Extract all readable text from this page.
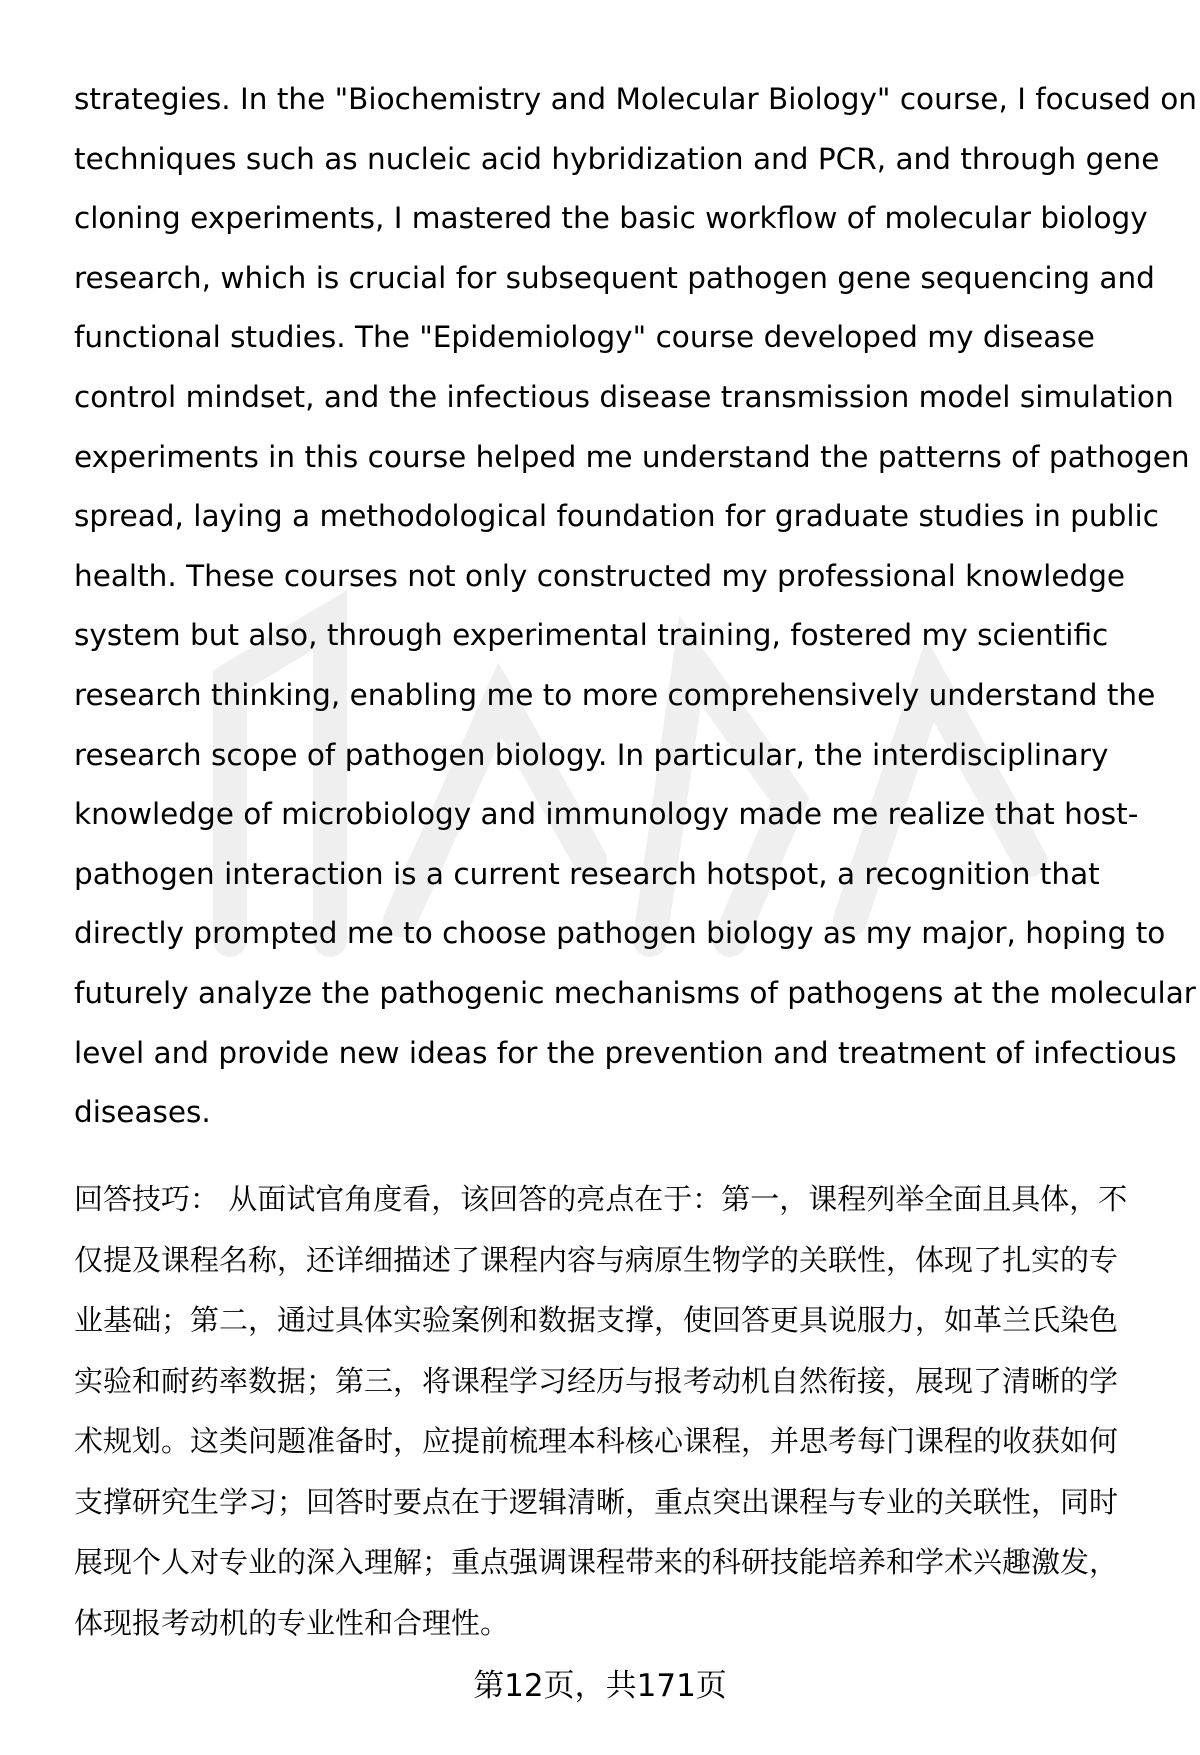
strategies. In the "Biochemistry and Molecular Biology" course, I focused on
techniques such as nucleic acid hybridization and PCR, and through gene
cloning experiments, I mastered the basic workflow of molecular biology
research, which is crucial for subsequent pathogen gene sequencing and
functional studies. The "Epidemiology" course developed my disease
control mindset, and the infectious disease transmission model simulation
experiments in this course helped me understand the patterns of pathogen
spread, laying a methodological foundation for graduate studies in public
health. These courses not only constructed my professional knowledge
system but also, through experimental training, fostered my scientific
research thinking, enabling me to more comprehensively understand the
research scope of pathogen biology. In particular, the interdisciplinary
knowledge of microbiology and immunology made me realize that host-
pathogen interaction is a current research hotspot, a recognition that
directly prompted me to choose pathogen biology as my major, hoping to
futurely analyze the pathogenic mechanisms of pathogens at the molecular
level and provide new ideas for the prevention and treatment of infectious
diseases.
回答技巧： 从面试官角度看，该回答的亮点在于：第一，课程列举全面且具体，不
仅提及课程名称，还详细描述了课程内容与病原生物学的关联性，体现了扎实的专
业基础；第二，通过具体实验案例和数据支撑，使回答更具说服力，如革兰氏染色
实验和耐药率数据；第三，将课程学习经历与报考动机自然衔接，展现了清晰的学
术规划。这类问题准备时，应提前梳理本科核心课程，并思考每门课程的收获如何
支撑研究生学习；回答时要点在于逻辑清晰，重点突出课程与专业的关联性，同时
展现个人对专业的深入理解；重点强调课程带来的科研技能培养和学术兴趣激发，
体现报考动机的专业性和合理性。
第12页，共171页
